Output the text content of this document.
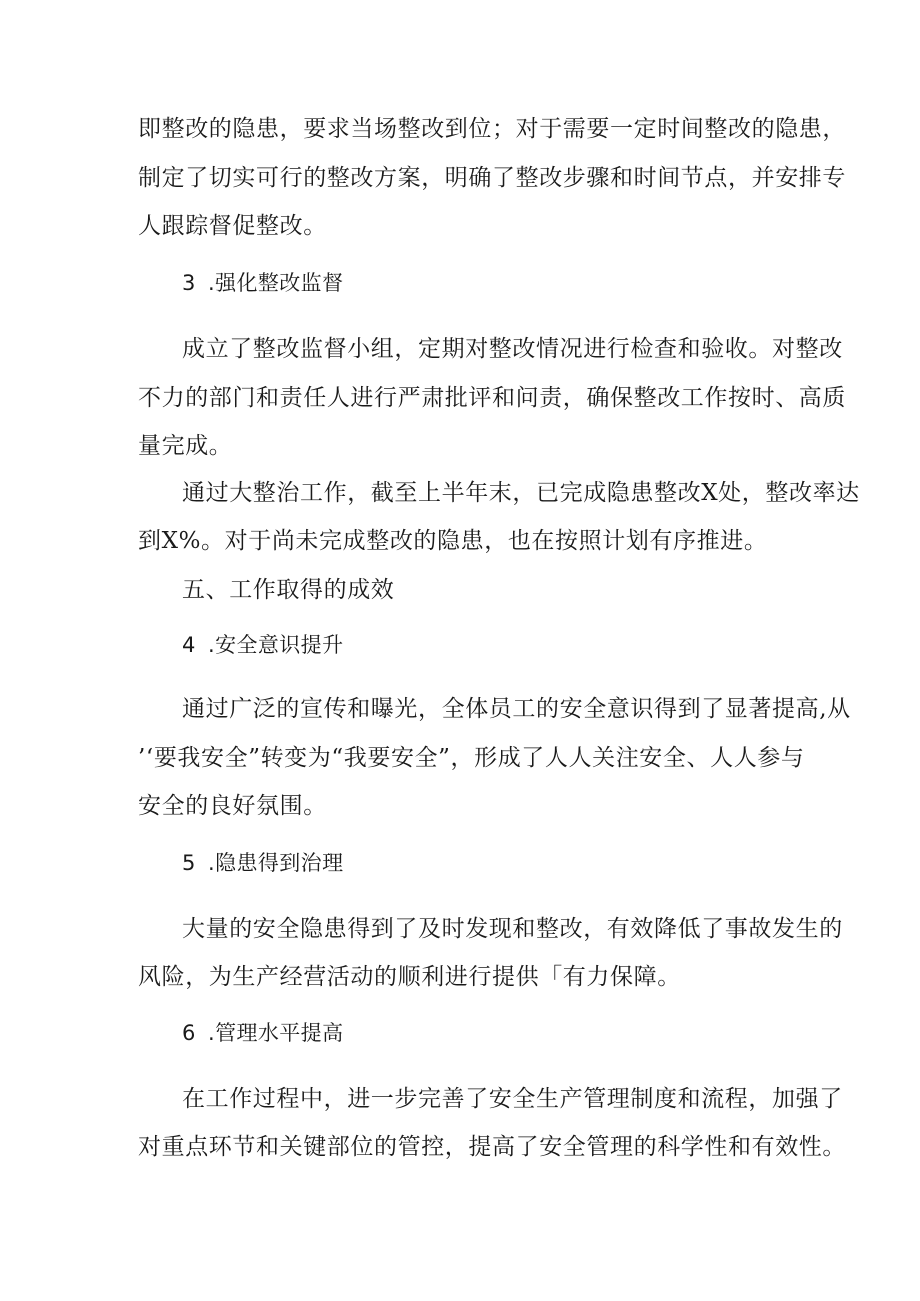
即整改的隐患，要求当场整改到位；对于需要一定时间整改的隐患，
制定了切实可行的整改方案，明确了整改步骤和时间节点，并安排专
人跟踪督促整改。
3 .强化整改监督
成立了整改监督小组，定期对整改情况进行检查和验收。对整改
不力的部门和责任人进行严肃批评和问责，确保整改工作按时、高质
量完成。
通过大整治工作，截至上半年末，已完成隐患整改X处，整改率达
到X%。对于尚未完成整改的隐患，也在按照计划有序推进。
五、工作取得的成效
4 .安全意识提升
通过广泛的宣传和曝光，全体员工的安全意识得到了显著提高,从
’‘要我安全”转变为“我要安全”，形成了人人关注安全、人人参与
安全的良好氛围。
5 .隐患得到治理
大量的安全隐患得到了及时发现和整改，有效降低了事故发生的
风险，为生产经营活动的顺利进行提供「有力保障。
6 .管理水平提高
在工作过程中，进一步完善了安全生产管理制度和流程，加强了
对重点环节和关键部位的管控，提高了安全管理的科学性和有效性。
